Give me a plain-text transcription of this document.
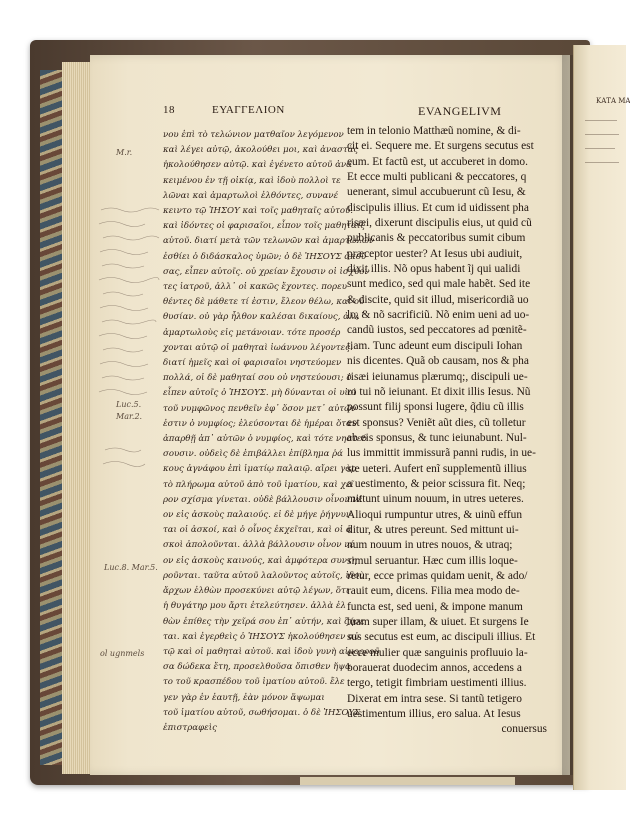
ΚΑΤΑ ΜΑ
18	ΕΥΑΓΓΕΛΙΟΝ	EVANGELIVM
M.r.
Luc.5.
Mar.2.
Luc.8. Mar.5.
ol ugnmels
νου ἐπὶ τὸ τελώνιον ματθαῖον λεγόμενον
καὶ λέγει αὐτῷ, ἀκολούθει μοι, καὶ ἀναστὰς
ἠκολούθησεν αὐτῷ. καὶ ἐγένετο αὐτοῦ ἀνα
κειμένου ἐν τῇ οἰκίᾳ, καὶ ἰδοὺ πολλοὶ τε
λῶναι καὶ ἁμαρτωλοὶ ἐλθόντες, συνανέ
κειντο τῷ ἸΗΣΟΥ καὶ τοῖς μαθηταῖς αὐτοῦ.
καὶ ἰδόντες οἱ φαρισαῖοι, εἶπον τοῖς μαθηταῖς
αὐτοῦ. διατί μετὰ τῶν τελωνῶν καὶ ἁμαρτωλῶν
ἐσθίει ὁ διδάσκαλος ὑμῶν; ὁ δὲ ἸΗΣΟΥΣ ἀκού
σας, εἶπεν αὐτοῖς. οὐ χρείαν ἔχουσιν οἱ ἰσχύον
τες ἰατροῦ, ἀλλ᾿ οἱ κακῶς ἔχοντες. πορευ
θέντες δὲ μάθετε τί ἐστιν, ἔλεον θέλω, καὶ οὐ
θυσίαν. οὐ γὰρ ἦλθον καλέσαι δικαίους, ἀλλ᾿
ἁμαρτωλοὺς εἰς μετάνοιαν. τότε προσέρ
χονται αὐτῷ οἱ μαθηταὶ ἰωάννου λέγοντες.
διατί ἡμεῖς καὶ οἱ φαρισαῖοι νηστεύομεν
πολλά, οἱ δὲ μαθηταί σου οὐ νηστεύουσι; ὁ
εἶπεν αὐτοῖς ὁ ἸΗΣΟΥΣ. μὴ δύνανται οἱ υἱοὶ
τοῦ νυμφῶνος πενθεῖν ἐφ᾿ ὅσον μετ᾿ αὐτῶν
ἐστιν ὁ νυμφίος; ἐλεύσονται δὲ ἡμέραι ὅταν
ἀπαρθῇ ἀπ᾿ αὐτῶν ὁ νυμφίος, καὶ τότε νηστεύ
σουσιν. οὐδεὶς δὲ ἐπιβάλλει ἐπίβλημα ῥά
κους ἀγνάφου ἐπὶ ἱματίῳ παλαιῷ. αἴρει γὰρ
τὸ πλήρωμα αὐτοῦ ἀπὸ τοῦ ἱματίου, καὶ χεῖ
ρον σχίσμα γίνεται. οὐδὲ βάλλουσιν οἶνον νέ
ον εἰς ἀσκοὺς παλαιούς. εἰ δὲ μήγε ῥήγνυν
ται οἱ ἀσκοί, καὶ ὁ οἶνος ἐκχεῖται, καὶ οἱ ἀ
σκοὶ ἀπολοῦνται. ἀλλὰ βάλλουσιν οἶνον νέ
ον εἰς ἀσκοὺς καινούς, καὶ ἀμφότερα συντη
ροῦνται. ταῦτα αὐτοῦ λαλοῦντος αὐτοῖς, ἰδοὺ
ἄρχων ἐλθὼν προσεκύνει αὐτῷ λέγων, ὅτι
ἡ θυγάτηρ μου ἄρτι ἐτελεύτησεν. ἀλλὰ ἐλ
θὼν ἐπίθες τὴν χεῖρά σου ἐπ᾿ αὐτήν, καὶ ζήσε
ται. καὶ ἐγερθεὶς ὁ ἸΗΣΟΥΣ ἠκολούθησεν αὐ
τῷ καὶ οἱ μαθηταὶ αὐτοῦ. καὶ ἰδοὺ γυνὴ αἱμορροῦ
σα δώδεκα ἔτη, προσελθοῦσα ὄπισθεν ἥψα
το τοῦ κρασπέδου τοῦ ἱματίου αὐτοῦ. ἔλε
γεν γὰρ ἐν ἑαυτῇ, ἐὰν μόνον ἅψωμαι
τοῦ ἱματίου αὐτοῦ, σωθήσομαι. ὁ δὲ ἸΗΣΟΥΣ
ἐπιστραφεὶς
tem in telonio Matthæũ nomine, & di-
cit ei. Sequere me. Et surgens secutus est
eum. Et factũ est, ut accuberet in domo.
Et ecce multi publicani & peccatores, q
uenerant, simul accubuerunt cũ Iesu, &
discipulis illius. Et cum id uidissent pha
risæi, dixerunt discipulis eius, ut quid cũ
publicanis & peccatoribus sumit cibum
præceptor uester? At Iesus ubi audiuit,
dixit illis. Nõ opus habent ĩj qui ualidi
sunt medico, sed qui male habẽt. Sed ite
& discite, quid sit illud, misericordiã uo
lo, & nõ sacrificiũ. Nõ enim ueni ad uo-
candũ iustos, sed peccatores ad pœnitẽ-
tiam. Tunc adeunt eum discipuli Iohan
nis dicentes. Quã ob causam, nos & pha
risæi ieiunamus plærumq;, discipuli ue-
ro tui nõ ieiunant. Et dixit illis Iesus. Nũ
possunt filij sponsi lugere, q̃diu cũ illis
est sponsus? Veniẽt aũt dies, cũ tolletur
ab eis sponsus, & tunc ieiunabunt. Nul-
lus immittit immissurã panni rudis, in ue-
ste ueteri. Aufert enĩ supplementũ illius
a uestimento, & peior scissura fit. Neq;
mittunt uinum nouum, in utres ueteres.
Alioqui rumpuntur utres, & uinũ effun
ditur, & utres pereunt. Sed mittunt ui-
num nouum in utres nouos, & utraq;
simul seruantur. Hæc cum illis loque-
retur, ecce primas quidam uenit, & ado/
rauit eum, dicens. Filia mea modo de-
functa est, sed ueni, & impone manum
tuam super illam, & uiuet. Et surgens Ie
sus secutus est eum, ac discipuli illius. Et
ecce mulier quæ sanguinis profluuio la-
borauerat duodecim annos, accedens a
tergo, tetigit fimbriam uestimenti illius.
Dixerat em intra sese. Si tantũ tetigero
uestimentum illius, ero salua. At Iesus
conuersus
